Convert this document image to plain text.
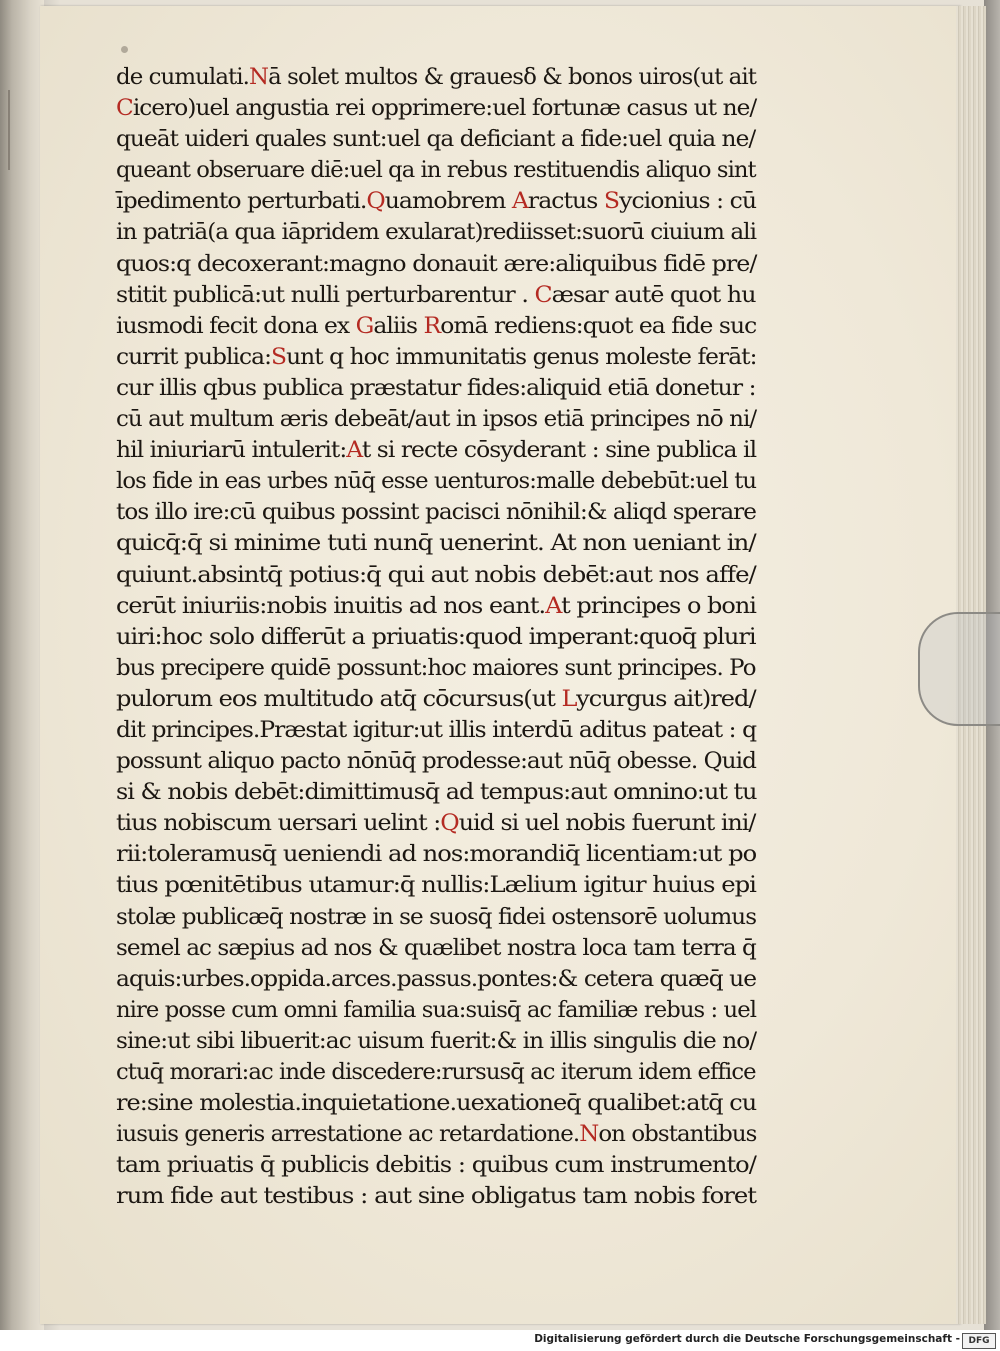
de cumulati.Nā solet multos & grauesẟ & bonos uiros(ut ait
Cicero)uel angustia rei opprimere:uel fortunæ casus ut ne/
queāt uideri quales sunt:uel qa deficiant a fide:uel quia ne/
queant obseruare diē:uel qa in rebus restituendis aliquo sint
īpedimento perturbati.Quamobrem Aractus Sycionius : cū
in patriā(a qua iāpridem exularat)rediisset:suorū ciuium ali
quos:q decoxerant:magno donauit ære:aliquibus fidē pre/
stitit publicā:ut nulli perturbarentur . Cæsar autē quot hu
iusmodi fecit dona ex Galiis Romā rediens:quot ea fide suc
currit publica:Sunt q hoc immunitatis genus moleste ferāt:
cur illis qbus publica præstatur fides:aliquid etiā donetur :
cū aut multum æris debeāt/aut in ipsos etiā principes nō ni/
hil iniuriarū intulerit:At si recte cōsyderant : sine publica il
los fide in eas urbes nūq̄ esse uenturos:malle debebūt:uel tu
tos illo ire:cū quibus possint pacisci nōnihil:& aliqd sperare
quicq̄:q̄ si minime tuti nunq̄ uenerint. At non ueniant in/
quiunt.absintq̄ potius:q̄ qui aut nobis debēt:aut nos affe/
cerūt iniuriis:nobis inuitis ad nos eant.At principes o boni
uiri:hoc solo differūt a priuatis:quod imperant:quoq̄ pluri
bus precipere quidē possunt:hoc maiores sunt principes. Po
pulorum eos multitudo atq̄ cōcursus(ut Lycurgus ait)red/
dit principes.Præstat igitur:ut illis interdū aditus pateat : q
possunt aliquo pacto nōnūq̄ prodesse:aut nūq̄ obesse. Quid
si & nobis debēt:dimittimusq̄ ad tempus:aut omnino:ut tu
tius nobiscum uersari uelint :Quid si uel nobis fuerunt ini/
rii:toleramusq̄ ueniendi ad nos:morandiq̄ licentiam:ut po
tius pœnitētibus utamur:q̄ nullis:Lælium igitur huius epi
stolæ publicæq̄ nostræ in se suosq̄ fidei ostensorē uolumus
semel ac sæpius ad nos & quælibet nostra loca tam terra q̄
aquis:urbes.oppida.arces.passus.pontes:& cetera quæq̄ ue
nire posse cum omni familia sua:suisq̄ ac familiæ rebus : uel
sine:ut sibi libuerit:ac uisum fuerit:& in illis singulis die no/
ctuq̄ morari:ac inde discedere:rursusq̄ ac iterum idem effice
re:sine molestia.inquietatione.uexationeq̄ qualibet:atq̄ cu
iusuis generis arrestatione ac retardatione.Non obstantibus
tam priuatis q̄ publicis debitis : quibus cum instrumento/
rum fide aut testibus : aut sine obligatus tam nobis foret
Digitalisierung gefördert durch die Deutsche Forschungsgemeinschaft - DFG
